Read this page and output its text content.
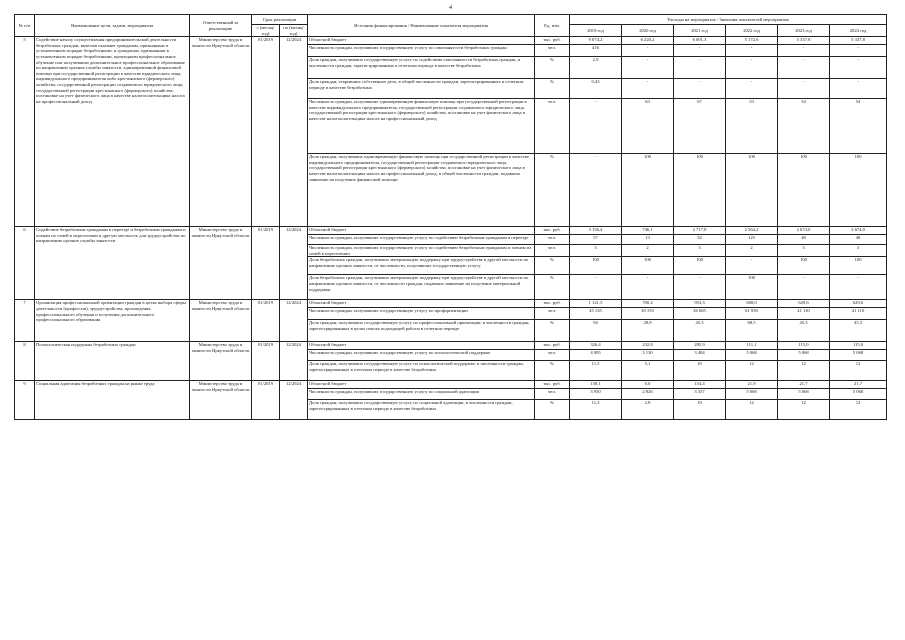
4
№ п/п	Наименование цели, задачи, мероприятия	Ответственный за реализацию	Срок реализации		Источник финансирования / Наименование показателя мероприятия	Ед. изм.	Расходы на мероприятие / Значения показателей мероприятия					
			с (месяц/ год)	по (месяц/ год)			2019 год	2020 год	2021 год	2022 год	2023 год	2024 год
5	Содействие началу осуществления предпринимательской деятельности безработных граждан, включая оказание гражданам, признанным в установленном порядке безработными, и гражданам, признанным в установленном порядке безработными, прошедшим профессиональное обучение или получившим дополнительное профессиональное образование по направлению органов службы занятости, единовременной финансовой помощи при государственной регистрации в качестве юридического лица, индивидуального предпринимателя либо крестьянского (фермерского) хозяйства, государственной регистрации создаваемого юридического лица, государственной регистрации крестьянского (фермерского) хозяйства, постановке на учет физического лица в качестве налогоплательщика налога на профессиональный доход	Министерство труда и занятости Иркутской области	01/2019	12/2024	Областной бюджет	тыс. руб.	9 074,2	6 220,2	6 001,3	5 172,6	5 337,8	5 337,8
					Численность граждан, получивших государственную услугу по самозанятости безработных граждан	чел.	416	-	-	-	-	-
					Доля граждан, получивших государственную услугу по содействию самозанятости безработных граждан, в численности граждан, зарегистрированных в отчетном периоде в качестве безработных	%	2,9	-	-	-	-	-
					Доля граждан, открывших собственное дело, в общей численности граждан, зарегистрированных в отчетном периоде в качестве безработных	%	0,43	-	-	-	-	-
					Численность граждан, получивших единовременную финансовую помощь при государственной регистрации в качестве индивидуального предпринимателя, государственной регистрации создаваемого юридического лица, государственной регистрации крестьянского (фермерского) хозяйства, постановке на учет физического лица в качестве налогоплательщика налога на профессиональный доход	чел.	-	63	67	53	54	54
					Доля граждан, получивших единовременную финансовую помощь при государственной регистрации в качестве индивидуального предпринимателя, государственной регистрации создаваемого юридического лица, государственной регистрации крестьянского (фермерского) хозяйства, постановке на учет физического лица в качестве налогоплательщика налога на профессиональный доход, в общей численности граждан, подавших заявление на получение финансовой помощи	%	-	100	100	100	100	100
6	Содействие безработным гражданам в переезде и безработным гражданам и членам их семей в переселении в другую местность для трудоустройства по направлению органов службы занятости	Министерство труда и занятости Иркутской области	01/2019	12/2024	Областной бюджет	тыс. руб.	3 156,4	746,1	2 717,8	2 564,2	2 674,0	2 674,0
					Численность граждан, получивших государственную услугу по содействию безработным гражданам в переезде	чел.	57	13	32	125	48	48
					Численность граждан, получивших государственную услугу по содействию безработным гражданам и членам их семей в переселении	чел.	3	2	3	2	3	3
					Доля безработных граждан, получивших материальную поддержку при трудоустройстве в другой местности по направлению органов занятости, от численности, получивших государственную услугу	%	100	100	100	-	100	100
					Доля безработных граждан, получивших материальную поддержку при трудоустройстве в другой местности по направлению органов занятости, от численности граждан, подавших заявление на получение материальной поддержки	%	-	-	-	100	-	-
7	Организация профессиональной ориентации граждан в целях выбора сферы деятельности (профессии), трудоустройства, прохождения профессионального обучения и получения дополнительного профессионального образования	Министерство труда и занятости Иркутской области	01/2019	12/2024	Областной бюджет	тыс. руб.	1 121,5	700,4	953,3	608,0	629,6	629,6
					Численность граждан, получивших государственную услугу по профориентации	чел.	45 135	30 193	36 665	61 939	41 110	41 110
					Доля граждан, получивших государственную услугу по профессиональной ориентации, в численности граждан, зарегистрированных в целях поиска подходящей работы в отчетном периоде	%	94	28,9	45,3	68,5	45,3	45,3
8	Психологическая поддержка безработных граждан	Министерство труда и занятости Иркутской области	01/2019	12/2024	Областной бюджет	тыс. руб.	326,4	232,8	285,9	111,1	115,0	115,0
					Численность граждан, получивших государственную услугу по психологической поддержке	чел.	4 005	3 130	3 484	5 068	5 068	5 068
					Доля граждан, получивших государственную услугу по психологической поддержке, в численности граждан, зарегистрированных в отчетном периоде в качестве безработных	%	11,5	5,1	10	12	12	12
9	Социальная адаптация безработных граждан на рынке труда	Министерство труда и занятости Иркутской области	01/2019	12/2024	Областной бюджет	тыс. руб.	158,1	0,0	154,4	21,9	21,7	21,7
					Численность граждан, получивших государственную услугу по социальной адаптации	чел.	3 950	2 826	3 357	5 068	5 068	5 068
					Доля граждан, получивших государственную услугу по социальной адаптации, в численности граждан, зарегистрированных в отчетном периоде в качестве безработных	%	11,3	2,8	10	12	12	12
